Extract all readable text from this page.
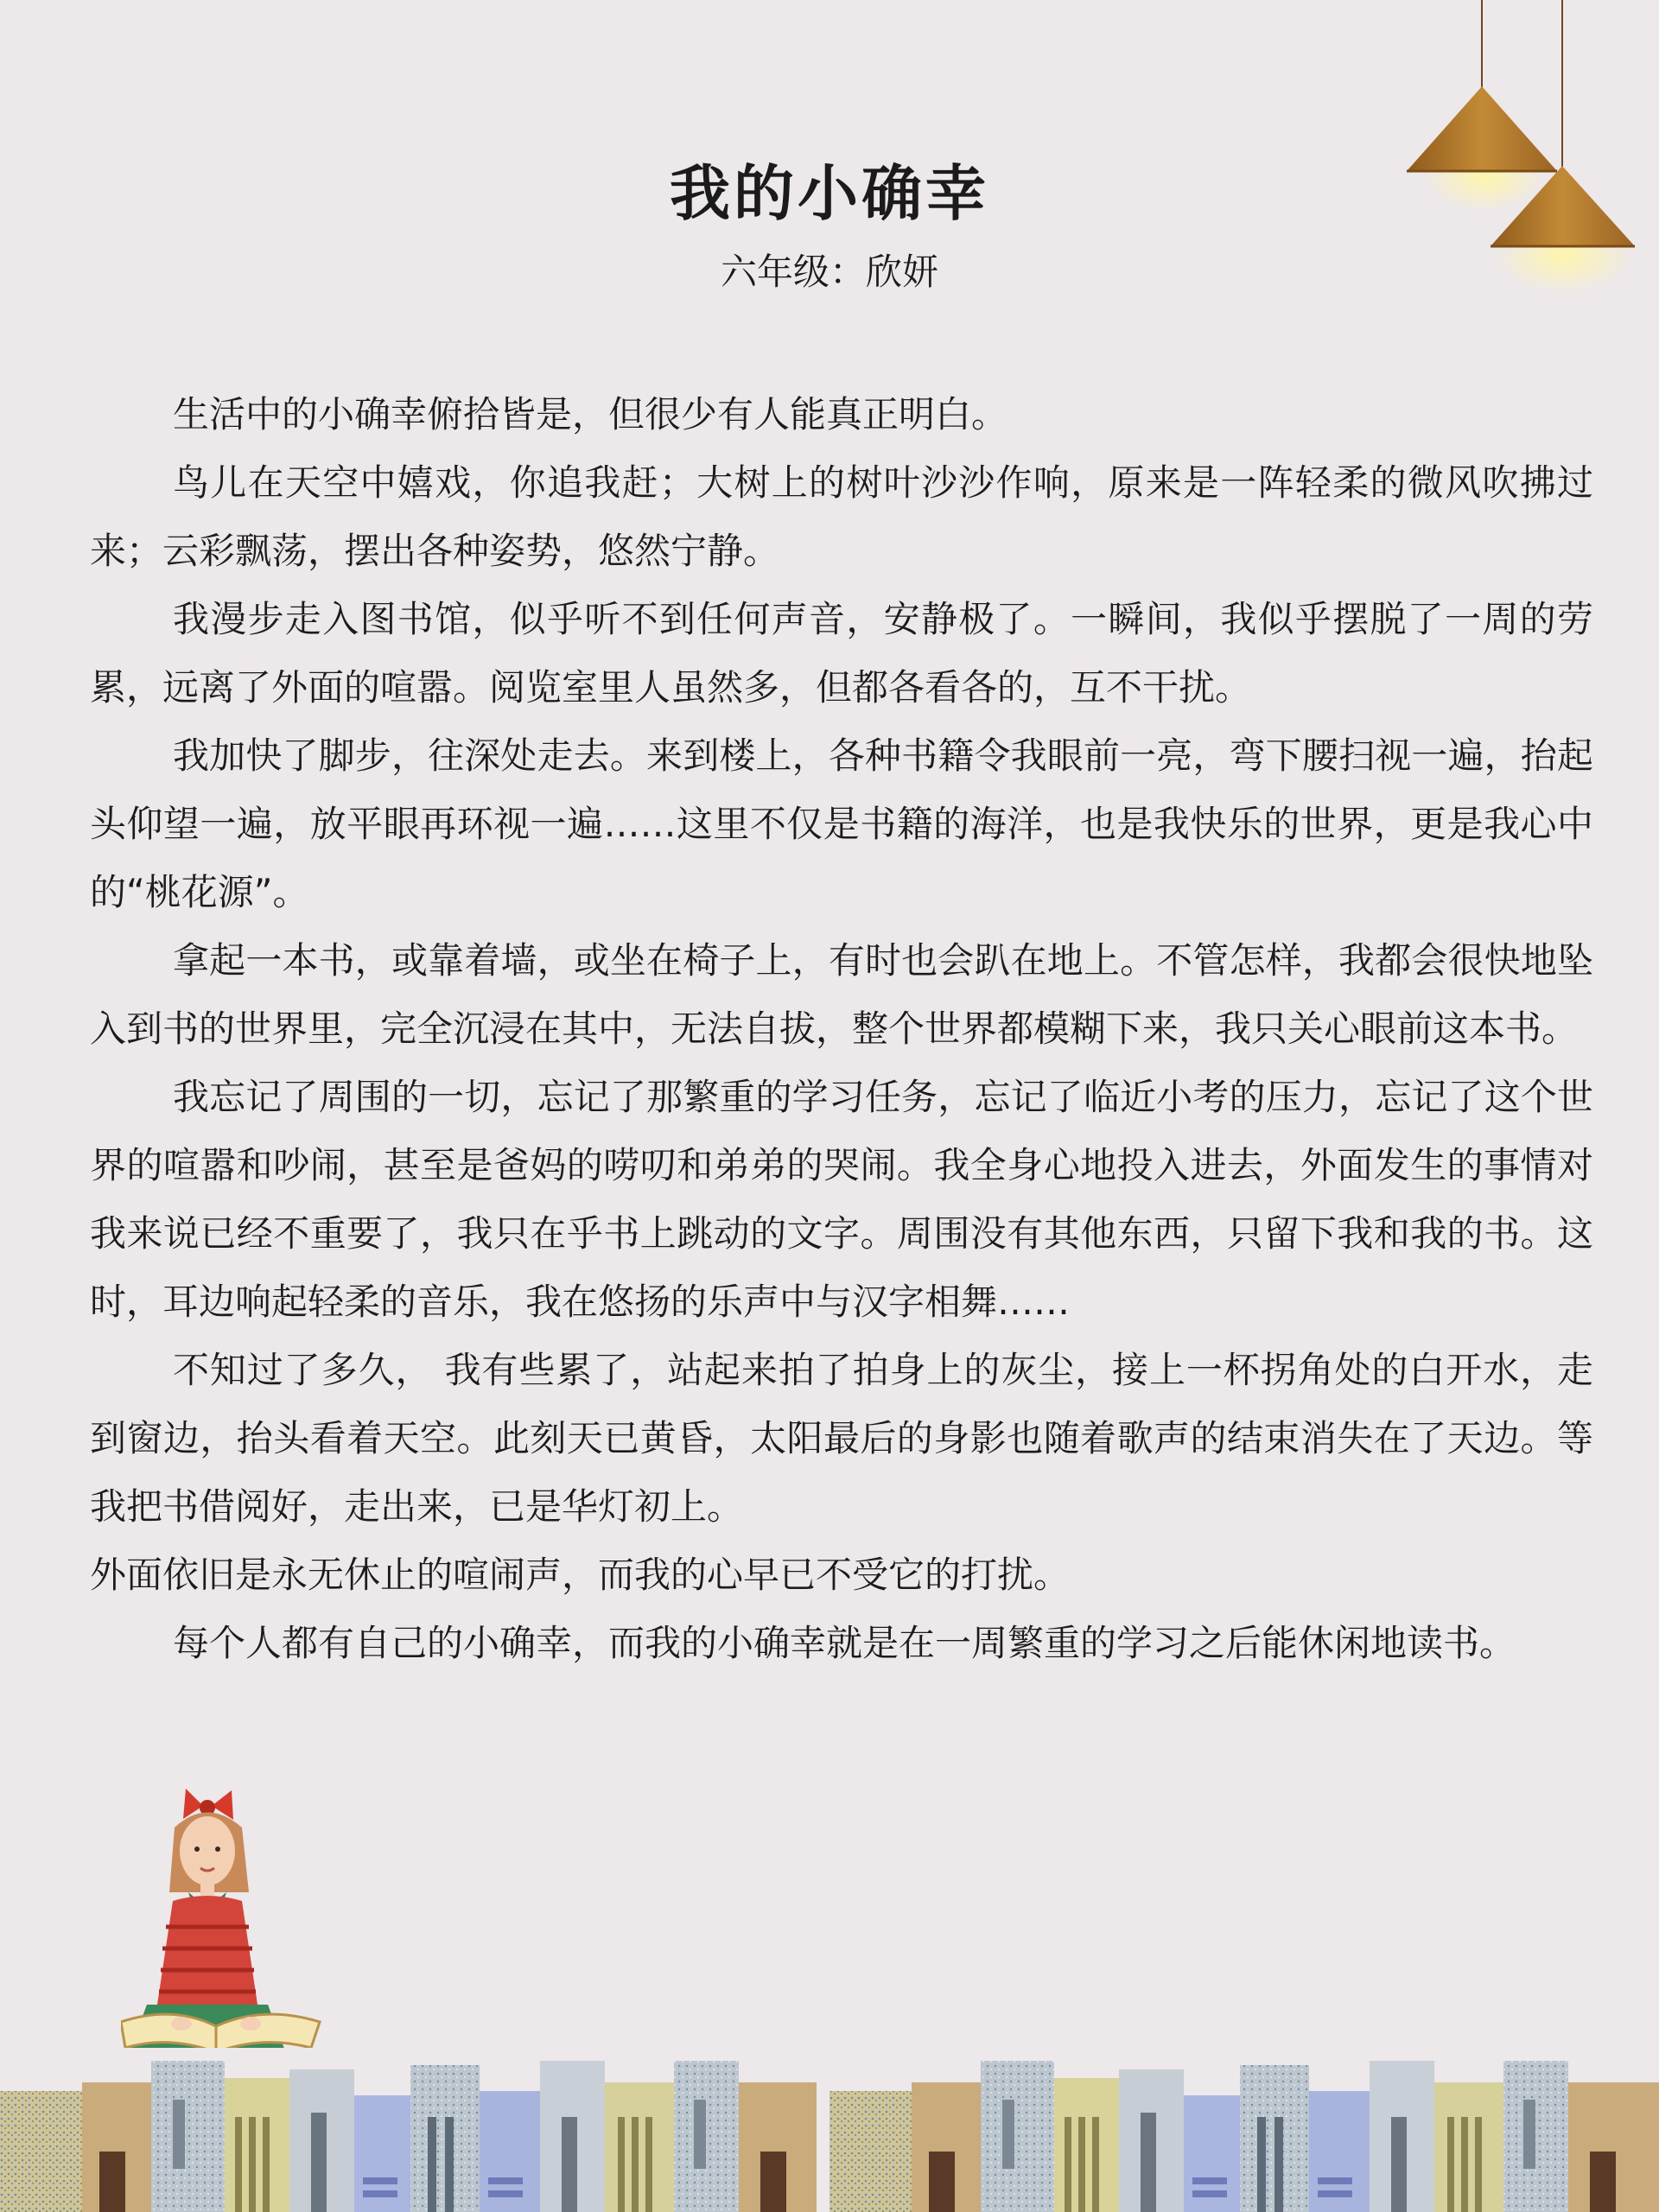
我的小确幸

六年级：欣妍

生活中的小确幸俯拾皆是，但很少有人能真正明白。

鸟儿在天空中嬉戏，你追我赶；大树上的树叶沙沙作响，原来是一阵轻柔的微风吹拂过来；云彩飘荡，摆出各种姿势，悠然宁静。

我漫步走入图书馆，似乎听不到任何声音，安静极了。一瞬间，我似乎摆脱了一周的劳累，远离了外面的喧嚣。阅览室里人虽然多，但都各看各的，互不干扰。

我加快了脚步，往深处走去。来到楼上，各种书籍令我眼前一亮，弯下腰扫视一遍，抬起头仰望一遍，放平眼再环视一遍……这里不仅是书籍的海洋，也是我快乐的世界，更是我心中的“桃花源”。

拿起一本书，或靠着墙，或坐在椅子上，有时也会趴在地上。不管怎样，我都会很快地坠入到书的世界里，完全沉浸在其中，无法自拔，整个世界都模糊下来，我只关心眼前这本书。

我忘记了周围的一切，忘记了那繁重的学习任务，忘记了临近小考的压力，忘记了这个世界的喧嚣和吵闹，甚至是爸妈的唠叨和弟弟的哭闹。我全身心地投入进去，外面发生的事情对我来说已经不重要了，我只在乎书上跳动的文字。周围没有其他东西，只留下我和我的书。这时，耳边响起轻柔的音乐，我在悠扬的乐声中与汉字相舞……

不知过了多久， 我有些累了，站起来拍了拍身上的灰尘，接上一杯拐角处的白开水，走到窗边，抬头看着天空。此刻天已黄昏，太阳最后的身影也随着歌声的结束消失在了天边。等我把书借阅好，走出来，已是华灯初上。

外面依旧是永无休止的喧闹声，而我的心早已不受它的打扰。

每个人都有自己的小确幸，而我的小确幸就是在一周繁重的学习之后能休闲地读书。
